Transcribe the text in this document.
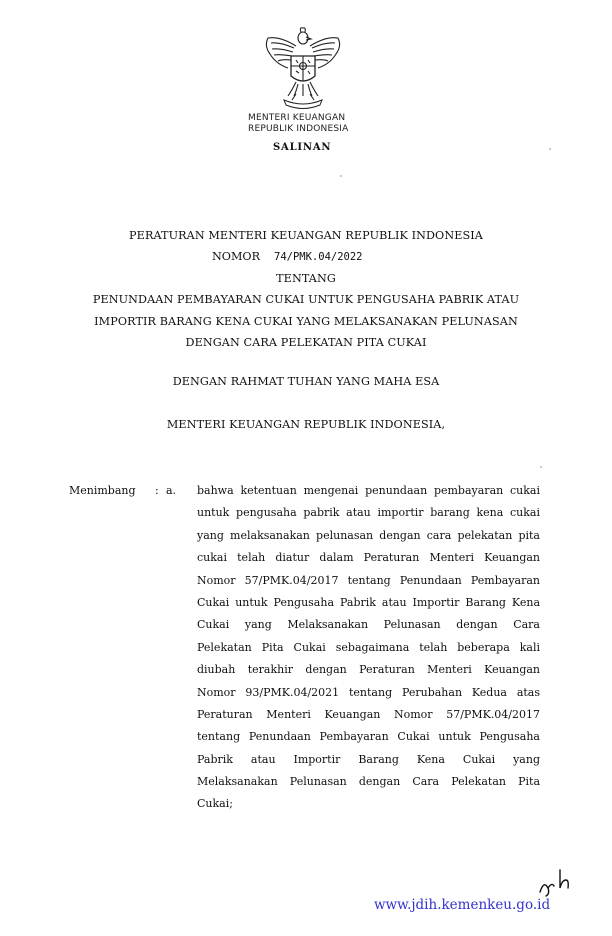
MENTERI KEUANGAN
REPUBLIK INDONESIA
SALINAN
PERATURAN MENTERI KEUANGAN REPUBLIK INDONESIA
NOMOR 74/PMK.04/2022
TENTANG
PENUNDAAN PEMBAYARAN CUKAI UNTUK PENGUSAHA PABRIK ATAU
IMPORTIR BARANG KENA CUKAI YANG MELAKSANAKAN PELUNASAN
DENGAN CARA PELEKATAN PITA CUKAI
DENGAN RAHMAT TUHAN YANG MAHA ESA
MENTERI KEUANGAN REPUBLIK INDONESIA,
Menimbang : a. bahwa ketentuan mengenai penundaan pembayaran cukai
untuk pengusaha pabrik atau importir barang kena cukai
yang melaksanakan pelunasan dengan cara pelekatan pita
cukai telah diatur dalam Peraturan Menteri Keuangan
Nomor 57/PMK.04/2017 tentang Penundaan Pembayaran
Cukai untuk Pengusaha Pabrik atau Importir Barang Kena
Cukai yang Melaksanakan Pelunasan dengan Cara
Pelekatan Pita Cukai sebagaimana telah beberapa kali
diubah terakhir dengan Peraturan Menteri Keuangan
Nomor 93/PMK.04/2021 tentang Perubahan Kedua atas
Peraturan Menteri Keuangan Nomor 57/PMK.04/2017
tentang Penundaan Pembayaran Cukai untuk Pengusaha
Pabrik atau Importir Barang Kena Cukai yang
Melaksanakan Pelunasan dengan Cara Pelekatan Pita
Cukai;
www.jdih.kemenkeu.go.id
